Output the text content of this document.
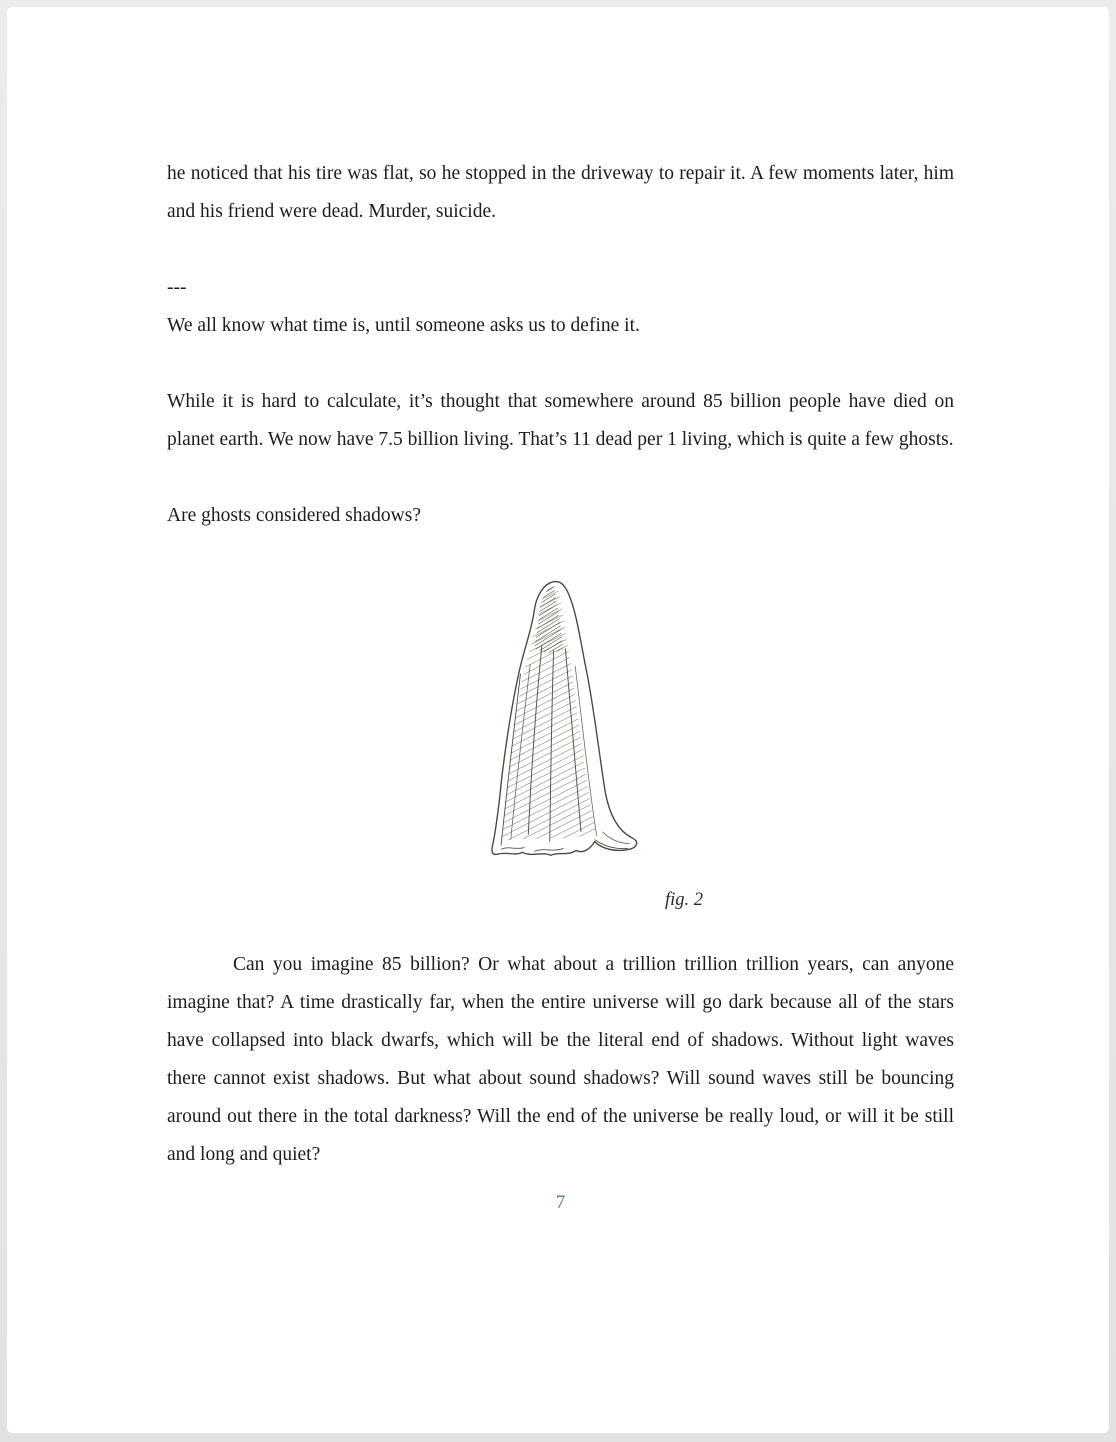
he noticed that his tire was flat, so he stopped in the driveway to repair it. A few moments later, him and his friend were dead. Murder, suicide.

---

We all know what time is, until someone asks us to define it.

While it is hard to calculate, it’s thought that somewhere around 85 billion people have died on planet earth. We now have 7.5 billion living. That’s 11 dead per 1 living, which is quite a few ghosts.

Are ghosts considered shadows?

fig. 2

Can you imagine 85 billion? Or what about a trillion trillion trillion years, can anyone imagine that? A time drastically far, when the entire universe will go dark because all of the stars have collapsed into black dwarfs, which will be the literal end of shadows. Without light waves there cannot exist shadows. But what about sound shadows? Will sound waves still be bouncing around out there in the total darkness? Will the end of the universe be really loud, or will it be still and long and quiet?

7
